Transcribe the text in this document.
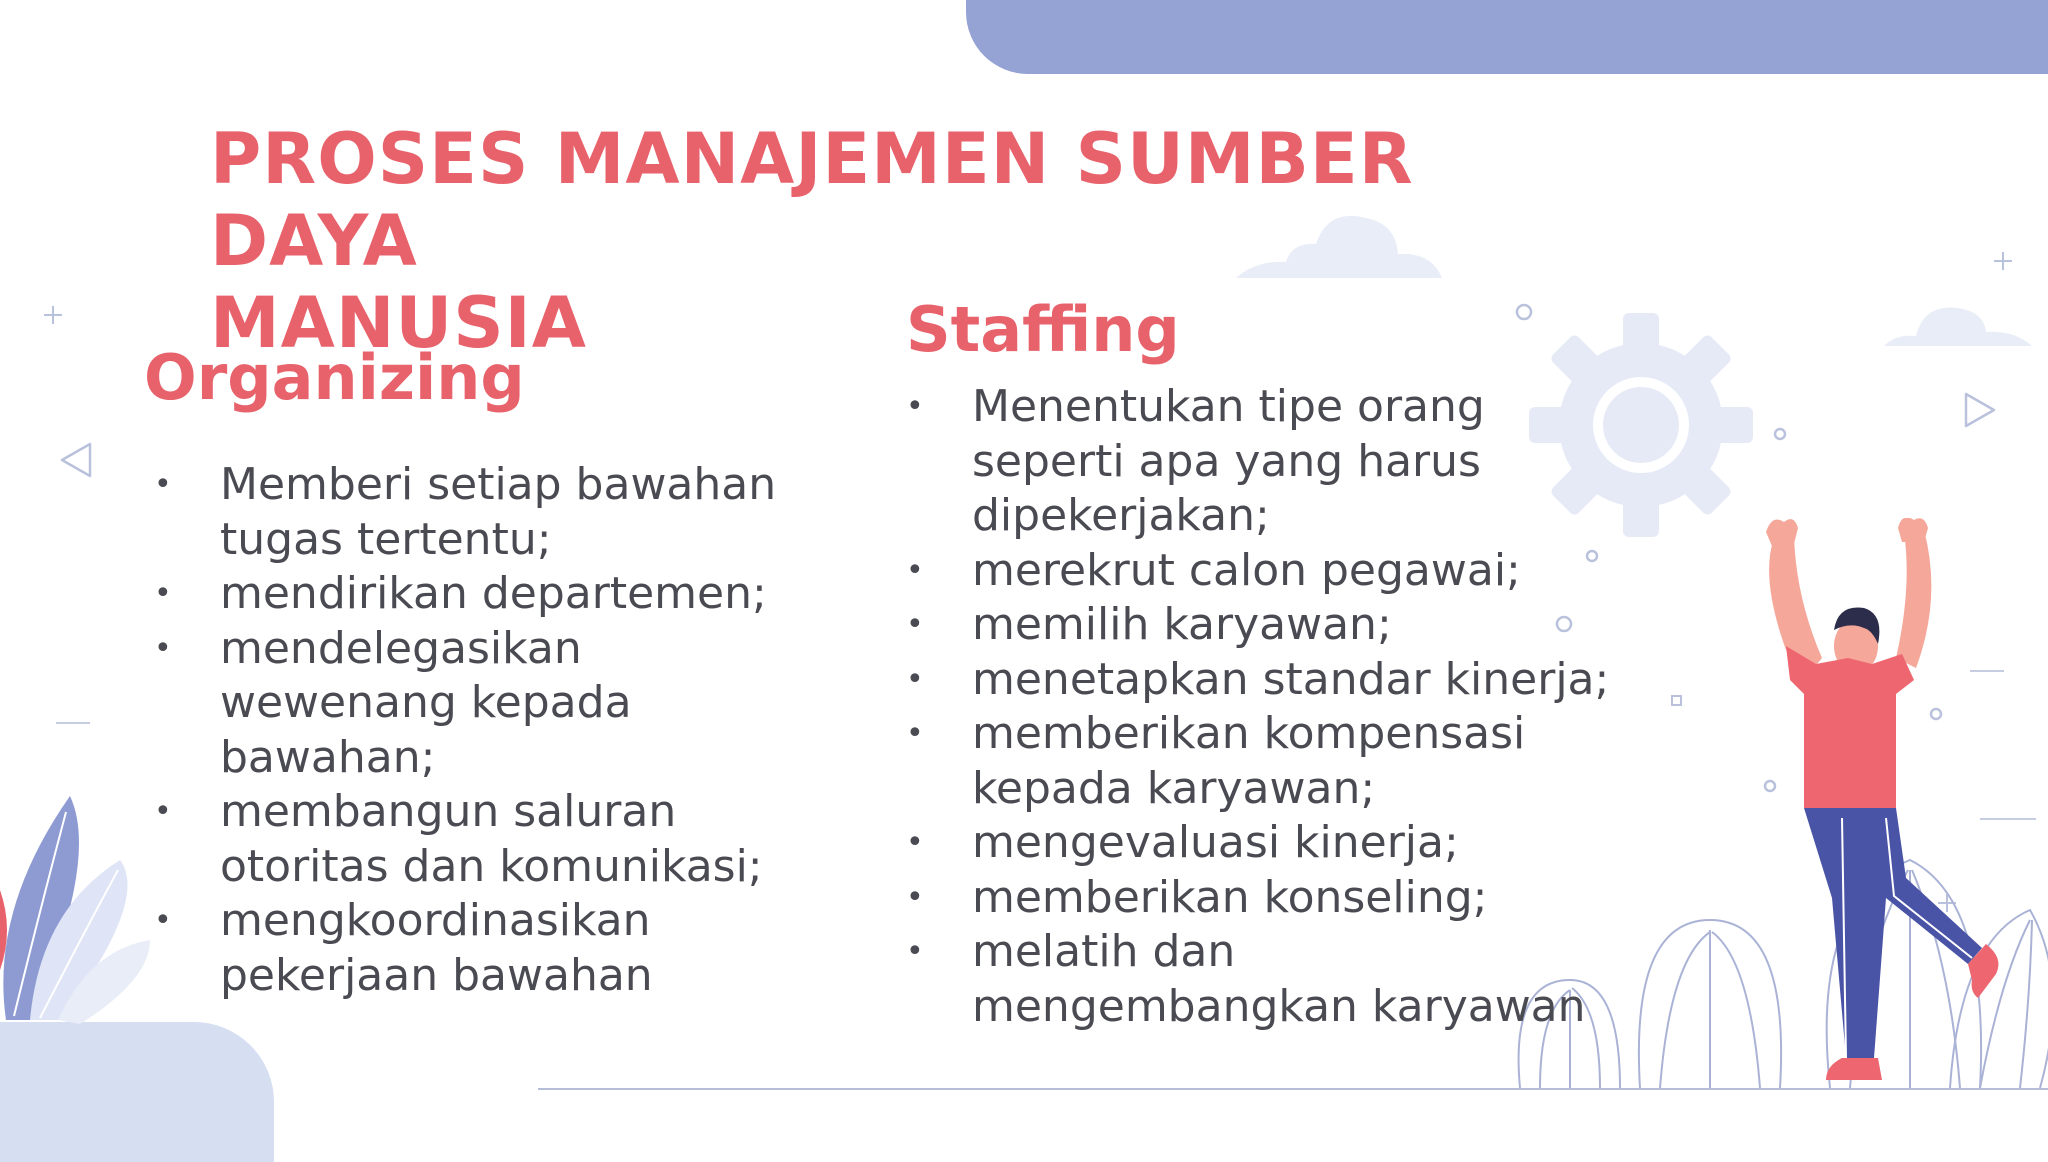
PROSES MANAJEMEN SUMBER DAYA
MANUSIA
Organizing
• Memberi setiap bawahan tugas tertentu;
• mendirikan departemen;
• mendelegasikan wewenang kepada bawahan;
• membangun saluran otoritas dan komunikasi;
• mengkoordinasikan pekerjaan bawahan
Staffing
• Menentukan tipe orang seperti apa yang harus dipekerjakan;
• merekrut calon pegawai;
• memilih karyawan;
• menetapkan standar kinerja;
• memberikan kompensasi kepada karyawan;
• mengevaluasi kinerja;
• memberikan konseling;
• melatih dan mengembangkan karyawan
